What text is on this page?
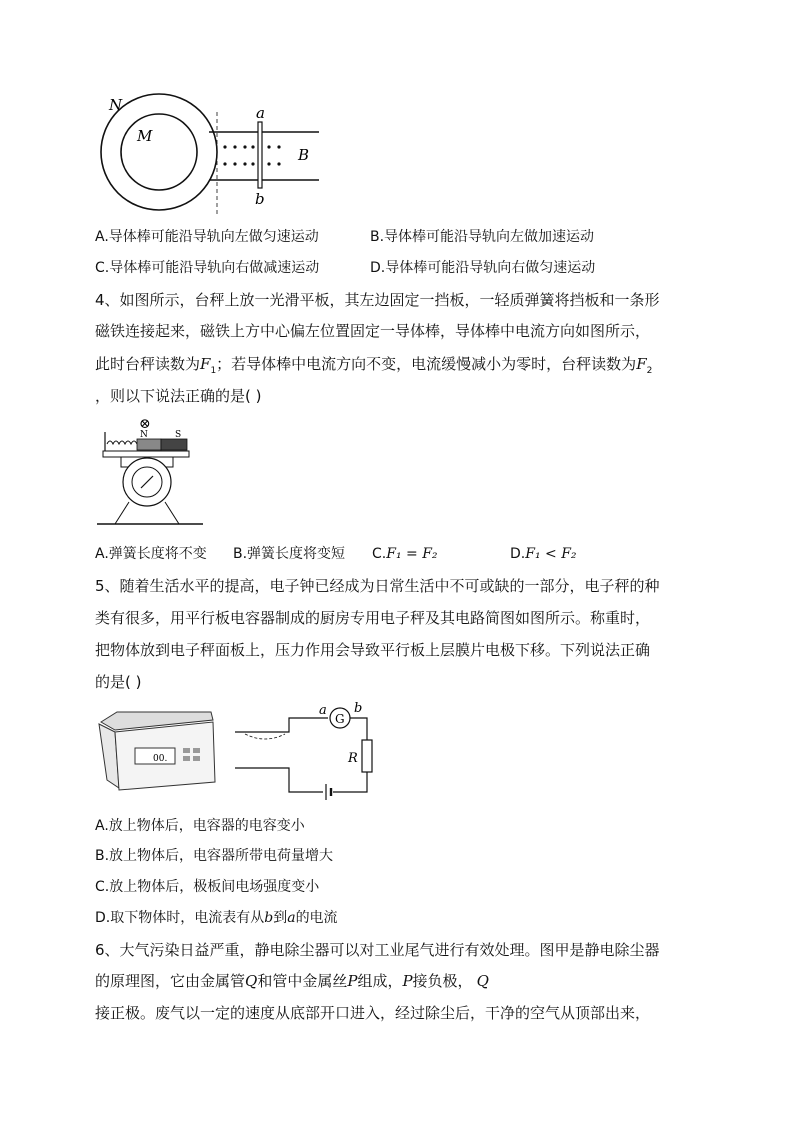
N
M
a
b
B
A.导体棒可能沿导轨向左做匀速运动	B.导体棒可能沿导轨向左做加速运动
C.导体棒可能沿导轨向右做减速运动	D.导体棒可能沿导轨向右做匀速运动
4、如图所示，台秤上放一光滑平板，其左边固定一挡板，一轻质弹簧将挡板和一条形
磁铁连接起来，磁铁上方中心偏左位置固定一导体棒，导体棒中电流方向如图所示，
此时台秤读数为$F_1$；若导体棒中电流方向不变，电流缓慢减小为零时，台秤读数为$F_2$
，则以下说法正确的是( )
⊗
N	S
A.弹簧长度将不变 B.弹簧长度将变短 C.F₁ = F₂	D.F₁ < F₂
5、随着生活水平的提高，电子钟已经成为日常生活中不可或缺的一部分，电子秤的种
类有很多，用平行板电容器制成的厨房专用电子秤及其电路简图如图所示。称重时，
把物体放到电子秤面板上，压力作用会导致平行板上层膜片电极下移。下列说法正确
的是( )
00.
G
a b
R
A.放上物体后，电容器的电容变小
B.放上物体后，电容器所带电荷量增大
C.放上物体后，极板间电场强度变小
D.取下物体时，电流表有从b到a的电流
6、大气污染日益严重，静电除尘器可以对工业尾气进行有效处理。图甲是静电除尘器
的原理图，它由金属管Q和管中金属丝P组成，P接负极， Q
接正极。废气以一定的速度从底部开口进入，经过除尘后，干净的空气从顶部出来，
